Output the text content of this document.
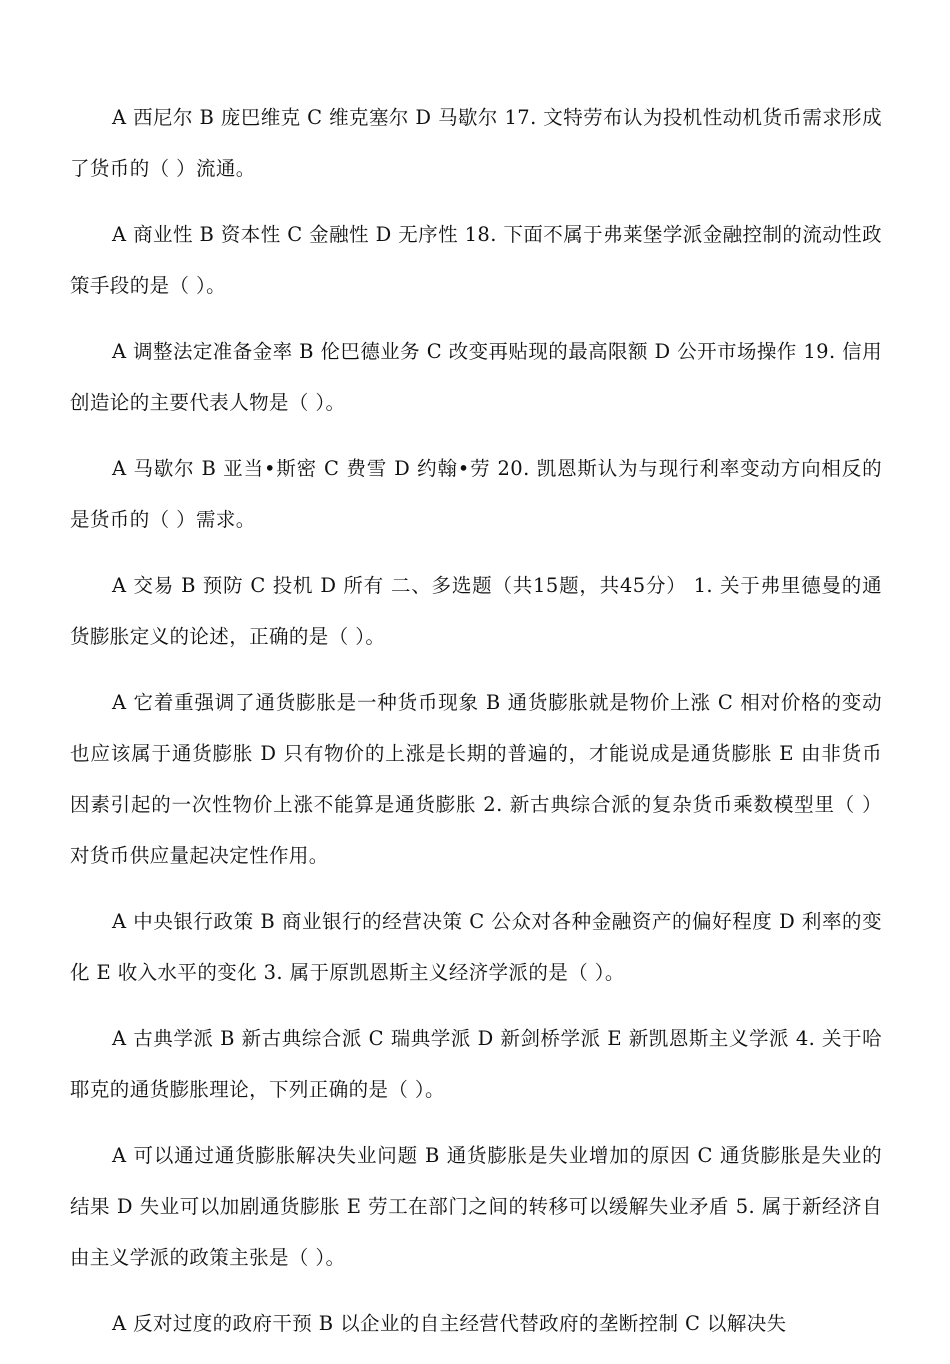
A 西尼尔 B 庞巴维克 C 维克塞尔 D 马歇尔 17. 文特劳布认为投机性动机货币需求形成了货币的（ ）流通。

A 商业性 B 资本性 C 金融性 D 无序性 18. 下面不属于弗莱堡学派金融控制的流动性政策手段的是（ ）。

A 调整法定准备金率 B 伦巴德业务 C 改变再贴现的最高限额 D 公开市场操作 19. 信用创造论的主要代表人物是（ ）。

A 马歇尔 B 亚当•斯密 C 费雪 D 约翰•劳 20. 凯恩斯认为与现行利率变动方向相反的是货币的（ ）需求。

A 交易 B 预防 C 投机 D 所有 二、多选题（共15题，共45分） 1. 关于弗里德曼的通货膨胀定义的论述，正确的是（ ）。

A 它着重强调了通货膨胀是一种货币现象 B 通货膨胀就是物价上涨 C 相对价格的变动也应该属于通货膨胀 D 只有物价的上涨是长期的普遍的，才能说成是通货膨胀 E 由非货币因素引起的一次性物价上涨不能算是通货膨胀 2. 新古典综合派的复杂货币乘数模型里（ ）对货币供应量起决定性作用。

A 中央银行政策 B 商业银行的经营决策 C 公众对各种金融资产的偏好程度 D 利率的变化 E 收入水平的变化 3. 属于原凯恩斯主义经济学派的是（ ）。

A 古典学派 B 新古典综合派 C 瑞典学派 D 新剑桥学派 E 新凯恩斯主义学派 4. 关于哈耶克的通货膨胀理论，下列正确的是（ ）。

A 可以通过通货膨胀解决失业问题 B 通货膨胀是失业增加的原因 C 通货膨胀是失业的结果 D 失业可以加剧通货膨胀 E 劳工在部门之间的转移可以缓解失业矛盾 5. 属于新经济自由主义学派的政策主张是（ ）。

A 反对过度的政府干预 B 以企业的自主经营代替政府的垄断控制 C 以解决失
